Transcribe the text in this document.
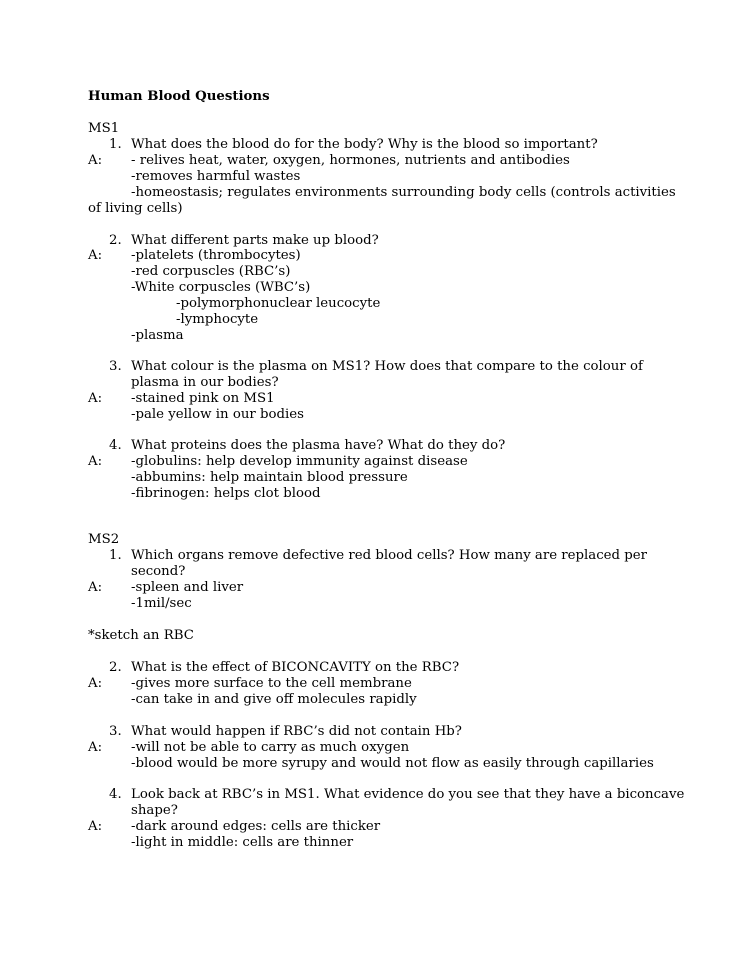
Human Blood Questions
MS1
1. What does the blood do for the body? Why is the blood so important?
A: - relives heat, water, oxygen, hormones, nutrients and antibodies
-removes harmful wastes
-homeostasis; regulates environments surrounding body cells (controls activities
of living cells)
2. What different parts make up blood?
A: -platelets (thrombocytes)
-red corpuscles (RBC’s)
-White corpuscles (WBC’s)
-polymorphonuclear leucocyte
-lymphocyte
-plasma
3. What colour is the plasma on MS1? How does that compare to the colour of
plasma in our bodies?
A: -stained pink on MS1
-pale yellow in our bodies
4. What proteins does the plasma have? What do they do?
A: -globulins: help develop immunity against disease
-abbumins: help maintain blood pressure
-fibrinogen: helps clot blood
MS2
1. Which organs remove defective red blood cells? How many are replaced per
second?
A: -spleen and liver
-1mil/sec
*sketch an RBC
2. What is the effect of BICONCAVITY on the RBC?
A: -gives more surface to the cell membrane
-can take in and give off molecules rapidly
3. What would happen if RBC’s did not contain Hb?
A: -will not be able to carry as much oxygen
-blood would be more syrupy and would not flow as easily through capillaries
4. Look back at RBC’s in MS1. What evidence do you see that they have a biconcave
shape?
A: -dark around edges: cells are thicker
-light in middle: cells are thinner
